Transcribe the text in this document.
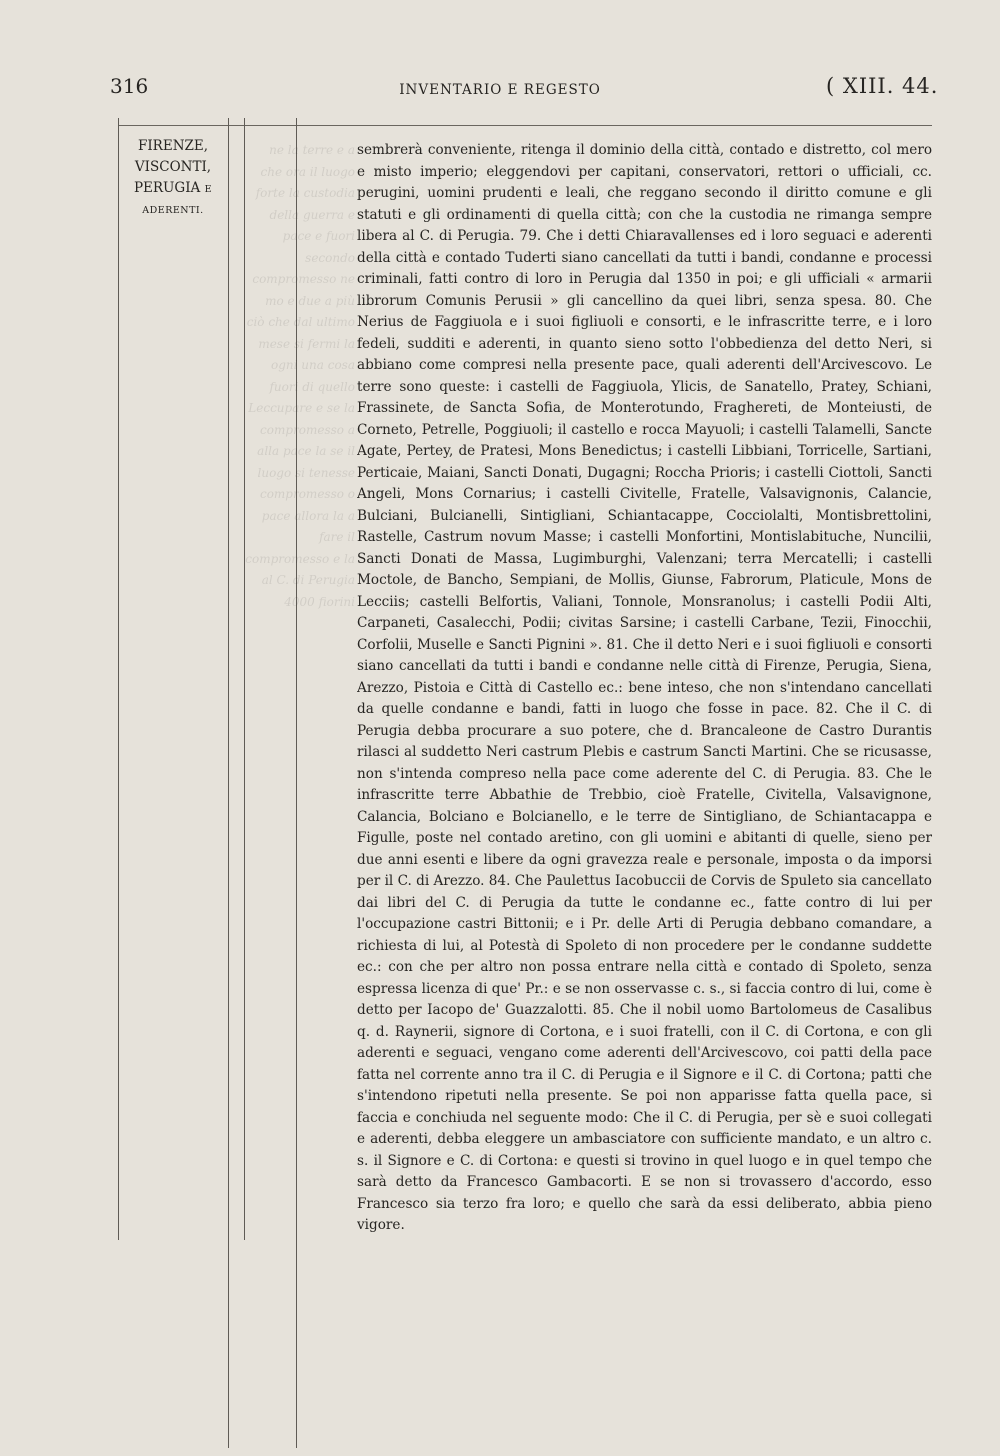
316	INVENTARIO E REGESTO	( XIII. 44.
FIRENZE,
VISCONTI,
PERUGIA E
ADERENTI.
ne la terre e a che ora il luogo forte la custodia della guerra e pace e fuori secondo compromesso ne mo e due a più ciò che dal ultimo mese si fermi la ogni una cosa fuori di quello Leccupare e se la compromesso a alla pace la se il luogo si tenesse compromesso o pace allora la a fare il compromesso e la al C. di Perugia 4000 fiorini

sembrerà conveniente, ritenga il dominio della città, contado e distretto, col mero e misto imperio; eleggendovi per capitani, conservatori, rettori o ufficiali, cc. perugini, uomini prudenti e leali, che reggano secondo il diritto comune e gli statuti e gli ordinamenti di quella città; con che la custodia ne rimanga sempre libera al C. di Perugia. 79. Che i detti Chiaravallenses ed i loro seguaci e aderenti della città e contado Tuderti siano cancellati da tutti i bandi, condanne e processi criminali, fatti contro di loro in Perugia dal 1350 in poi; e gli ufficiali « armarii librorum Comunis Perusii » gli cancellino da quei libri, senza spesa. 80. Che Nerius de Faggiuola e i suoi figliuoli e consorti, e le infrascritte terre, e i loro fedeli, sudditi e aderenti, in quanto sieno sotto l'obbedienza del detto Neri, si abbiano come compresi nella presente pace, quali aderenti dell'Arcivescovo. Le terre sono queste: i castelli de Faggiuola, Ylicis, de Sanatello, Pratey, Schiani, Frassinete, de Sancta Sofia, de Monterotundo, Fraghereti, de Monteiusti, de Corneto, Petrelle, Poggiuoli; il castello e rocca Mayuoli; i castelli Talamelli, Sancte Agate, Pertey, de Pratesi, Mons Benedictus; i castelli Libbiani, Torricelle, Sartiani, Perticaie, Maiani, Sancti Donati, Dugagni; Roccha Prioris; i castelli Ciottoli, Sancti Angeli, Mons Cornarius; i castelli Civitelle, Fratelle, Valsavignonis, Calancie, Bulciani, Bulcianelli, Sintigliani, Schiantacappe, Cocciolalti, Montisbrettolini, Rastelle, Castrum novum Masse; i castelli Monfortini, Montislabituche, Nuncilii, Sancti Donati de Massa, Lugimburghi, Valenzani; terra Mercatelli; i castelli Moctole, de Bancho, Sempiani, de Mollis, Giunse, Fabrorum, Platicule, Mons de Lecciis; castelli Belfortis, Valiani, Tonnole, Monsranolus; i castelli Podii Alti, Carpaneti, Casalecchi, Podii; civitas Sarsine; i castelli Carbane, Tezii, Finocchii, Corfolii, Muselle e Sancti Pignini ». 81. Che il detto Neri e i suoi figliuoli e consorti siano cancellati da tutti i bandi e condanne nelle città di Firenze, Perugia, Siena, Arezzo, Pistoia e Città di Castello ec.: bene inteso, che non s'intendano cancellati da quelle condanne e bandi, fatti in luogo che fosse in pace. 82. Che il C. di Perugia debba procurare a suo potere, che d. Brancaleone de Castro Durantis rilasci al suddetto Neri castrum Plebis e castrum Sancti Martini. Che se ricusasse, non s'intenda compreso nella pace come aderente del C. di Perugia. 83. Che le infrascritte terre Abbathie de Trebbio, cioè Fratelle, Civitella, Valsavignone, Calancia, Bolciano e Bolcianello, e le terre de Sintigliano, de Schiantacappa e Figulle, poste nel contado aretino, con gli uomini e abitanti di quelle, sieno per due anni esenti e libere da ogni gravezza reale e personale, imposta o da imporsi per il C. di Arezzo. 84. Che Paulettus Iacobuccii de Corvis de Spuleto sia cancellato dai libri del C. di Perugia da tutte le condanne ec., fatte contro di lui per l'occupazione castri Bittonii; e i Pr. delle Arti di Perugia debbano comandare, a richiesta di lui, al Potestà di Spoleto di non procedere per le condanne suddette ec.: con che per altro non possa entrare nella città e contado di Spoleto, senza espressa licenza di que' Pr.: e se non osservasse c. s., si faccia contro di lui, come è detto per Iacopo de' Guazzalotti. 85. Che il nobil uomo Bartolomeus de Casalibus q. d. Raynerii, signore di Cortona, e i suoi fratelli, con il C. di Cortona, e con gli aderenti e seguaci, vengano come aderenti dell'Arcivescovo, coi patti della pace fatta nel corrente anno tra il C. di Perugia e il Signore e il C. di Cortona; patti che s'intendono ripetuti nella presente. Se poi non apparisse fatta quella pace, si faccia e conchiuda nel seguente modo: Che il C. di Perugia, per sè e suoi collegati e aderenti, debba eleggere un ambasciatore con sufficiente mandato, e un altro c. s. il Signore e C. di Cortona: e questi si trovino in quel luogo e in quel tempo che sarà detto da Francesco Gambacorti. E se non si trovassero d'accordo, esso Francesco sia terzo fra loro; e quello che sarà da essi deliberato, abbia pieno vigore.
